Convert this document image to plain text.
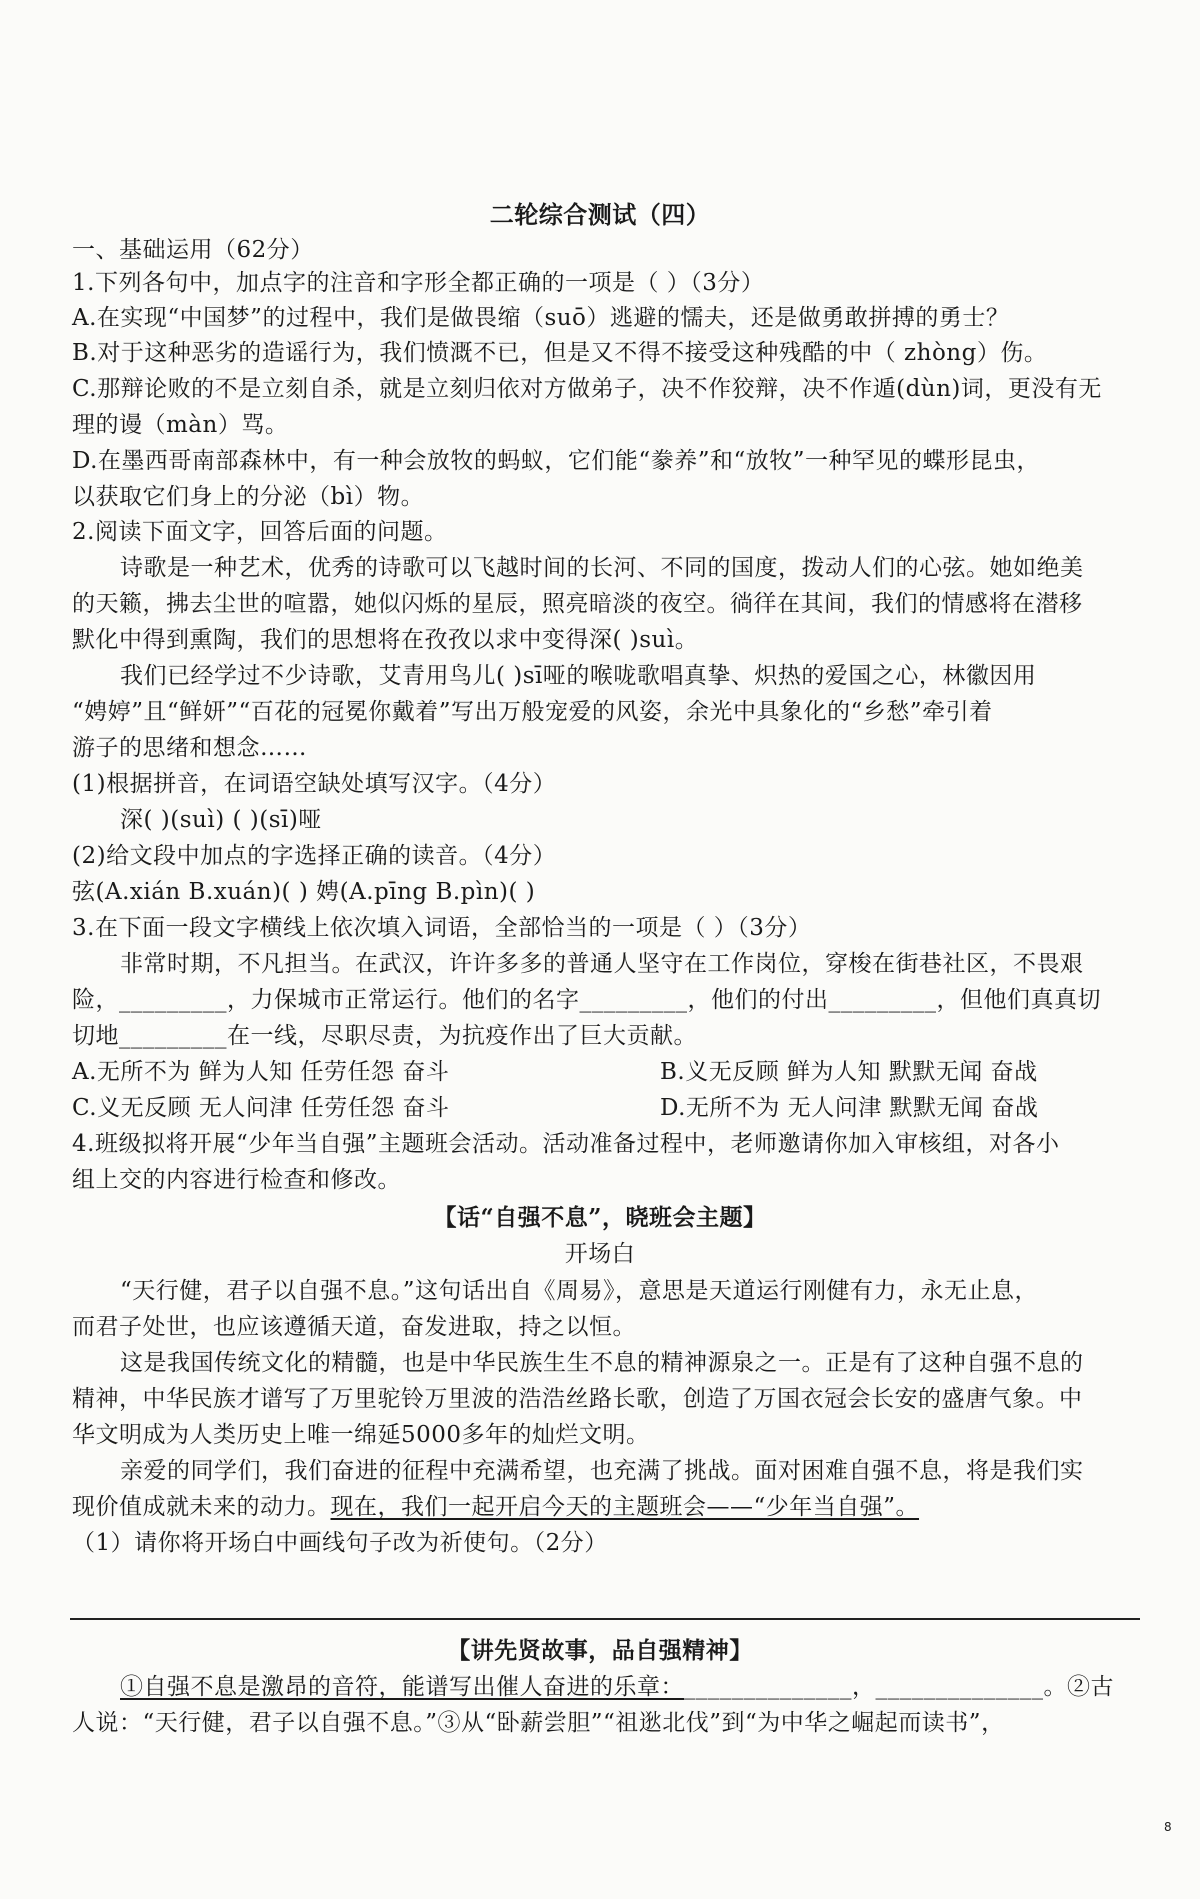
二轮综合测试（四）
一、基础运用（62分）
1.下列各句中，加点字的注音和字形全都正确的一项是（ ）（3分）
A.在实现“中国梦”的过程中，我们是做畏缩（suō）逃避的懦夫，还是做勇敢拼搏的勇士？
B.对于这种恶劣的造谣行为，我们愤溉不已，但是又不得不接受这种残酷的中（ zhòng）伤。
C.那辩论败的不是立刻自杀，就是立刻归依对方做弟子，决不作狡辩，决不作遁(dùn)词，更没有无
理的谩（màn）骂。
D.在墨西哥南部森林中，有一种会放牧的蚂蚁，它们能“豢养”和“放牧”一种罕见的蝶形昆虫，
以获取它们身上的分泌（bì）物。
2.阅读下面文字，回答后面的问题。
诗歌是一种艺术，优秀的诗歌可以飞越时间的长河、不同的国度，拨动人们的心弦。她如绝美
的天籁，拂去尘世的喧嚣，她似闪烁的星辰，照亮暗淡的夜空。徜徉在其间，我们的情感将在潜移
默化中得到熏陶，我们的思想将在孜孜以求中变得深( )suì。
我们已经学过不少诗歌，艾青用鸟儿( )sī哑的喉咙歌唱真挚、炽热的爱国之心，林徽因用
“娉婷”且“鲜妍”“百花的冠冕你戴着”写出万般宠爱的风姿，余光中具象化的“乡愁”牵引着
游子的思绪和想念……
(1)根据拼音，在词语空缺处填写汉字。（4分）
深( )(suì) ( )(sī)哑
(2)给文段中加点的字选择正确的读音。（4分）
弦(A.xián B.xuán)( ) 娉(A.pīng B.pìn)( )
3.在下面一段文字横线上依次填入词语，全部恰当的一项是（ ）（3分）
非常时期，不凡担当。在武汉，许许多多的普通人坚守在工作岗位，穿梭在街巷社区，不畏艰
险，_________，力保城市正常运行。他们的名字_________，他们的付出_________，但他们真真切
切地_________在一线，尽职尽责，为抗疫作出了巨大贡献。
A.无所不为 鲜为人知 任劳任怨 奋斗	B.义无反顾 鲜为人知 默默无闻 奋战
C.义无反顾 无人问津 任劳任怨 奋斗	D.无所不为 无人问津 默默无闻 奋战
4.班级拟将开展“少年当自强”主题班会活动。活动准备过程中，老师邀请你加入审核组，对各小
组上交的内容进行检查和修改。
【话“自强不息”，晓班会主题】
开场白
“天行健，君子以自强不息。”这句话出自《周易》，意思是天道运行刚健有力，永无止息，
而君子处世，也应该遵循天道，奋发进取，持之以恒。
这是我国传统文化的精髓，也是中华民族生生不息的精神源泉之一。正是有了这种自强不息的
精神，中华民族才谱写了万里驼铃万里波的浩浩丝路长歌，创造了万国衣冠会长安的盛唐气象。中
华文明成为人类历史上唯一绵延5000多年的灿烂文明。
亲爱的同学们，我们奋进的征程中充满希望，也充满了挑战。面对困难自强不息，将是我们实
现价值成就未来的动力。现在，我们一起开启今天的主题班会——“少年当自强”。
（1）请你将开场白中画线句子改为祈使句。（2分）
【讲先贤故事，品自强精神】
①自强不息是激昂的音符，能谱写出催人奋进的乐章：______________，______________。②古
人说：“天行健，君子以自强不息。”③从“卧薪尝胆”“祖逖北伐”到“为中华之崛起而读书”，
8
